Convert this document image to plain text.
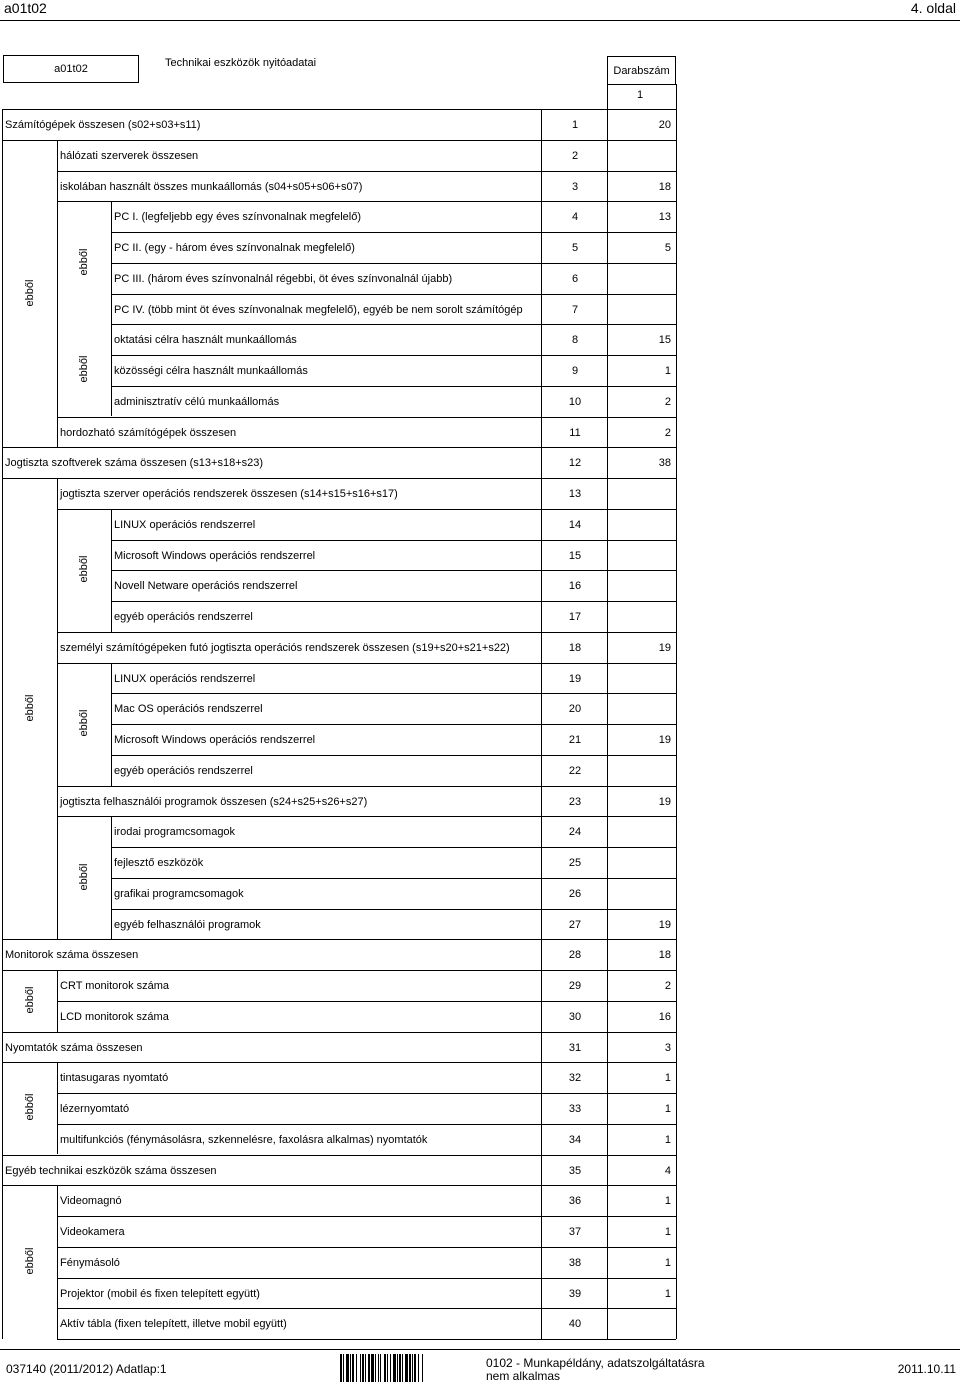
a01t02	4. oldal
a01t02	Technikai eszközök nyitóadatai
Darabszám
1
Számítógépek összesen (s02+s03+s11)	1	20
hálózati szerverek összesen	2
iskolában használt összes munkaállomás (s04+s05+s06+s07)	3	18
PC I. (legfeljebb egy éves színvonalnak megfelelő)	4	13
PC II. (egy - három éves színvonalnak megfelelő)	5	5
PC III. (három éves színvonalnál régebbi, öt éves színvonalnál újabb)	6
PC IV. (több mint öt éves színvonalnak megfelelő), egyéb be nem sorolt számítógép	7
oktatási célra használt munkaállomás	8	15
közösségi célra használt munkaállomás	9	1
adminisztratív célú munkaállomás	10	2
hordozható számítógépek összesen	11	2
Jogtiszta szoftverek száma összesen (s13+s18+s23)	12	38
jogtiszta szerver operációs rendszerek összesen (s14+s15+s16+s17)	13
LINUX operációs rendszerrel	14
Microsoft Windows operációs rendszerrel	15
Novell Netware operációs rendszerrel	16
egyéb operációs rendszerrel	17
személyi számítógépeken futó jogtiszta operációs rendszerek összesen (s19+s20+s21+s22)	18	19
LINUX operációs rendszerrel	19
Mac OS operációs rendszerrel	20
Microsoft Windows operációs rendszerrel	21	19
egyéb operációs rendszerrel	22
jogtiszta felhasználói programok összesen (s24+s25+s26+s27)	23	19
irodai programcsomagok	24
fejlesztő eszközök	25
grafikai programcsomagok	26
egyéb felhasználói programok	27	19
Monitorok száma összesen	28	18
CRT monitorok száma	29	2
LCD monitorok száma	30	16
Nyomtatók száma összesen	31	3
tintasugaras nyomtató	32	1
lézernyomtató	33	1
multifunkciós (fénymásolásra, szkennelésre, faxolásra alkalmas) nyomtatók	34	1
Egyéb technikai eszközök száma összesen	35	4
Videomagnó	36	1
Videokamera	37	1
Fénymásoló	38	1
Projektor (mobil és fixen telepített együtt)	39	1
Aktív tábla (fixen telepített, illetve mobil együtt)	40
ebből
ebből
ebből
ebből
ebből
ebből
ebből
ebből
ebből
ebből
037140 (2011/2012) Adatlap:1	0102 - Munkapéldány, adatszolgáltatásra
nem alkalmas	2011.10.11
